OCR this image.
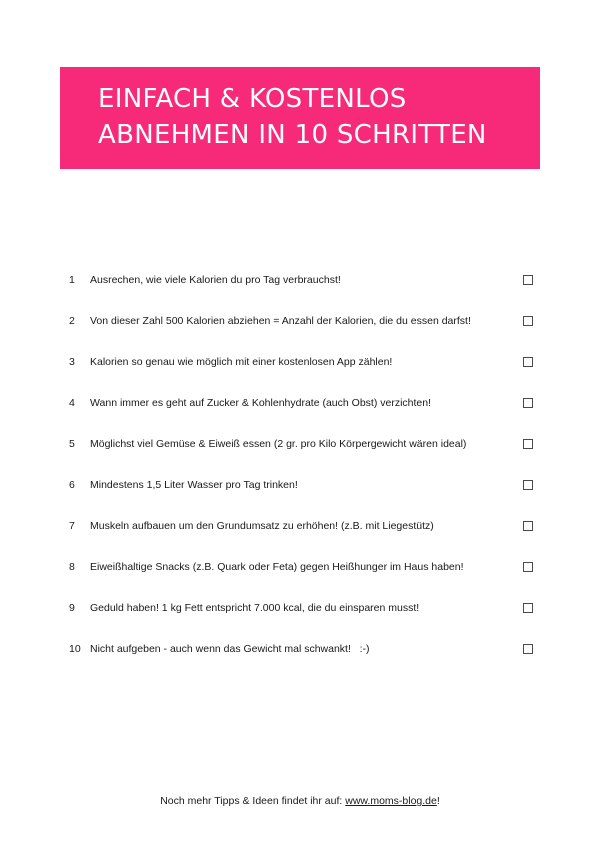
EINFACH & KOSTENLOS
ABNEHMEN IN 10 SCHRITTEN
1 Ausrechen, wie viele Kalorien du pro Tag verbrauchst!
2 Von dieser Zahl 500 Kalorien abziehen = Anzahl der Kalorien, die du essen darfst!
3 Kalorien so genau wie möglich mit einer kostenlosen App zählen!
4 Wann immer es geht auf Zucker & Kohlenhydrate (auch Obst) verzichten!
5 Möglichst viel Gemüse & Eiweiß essen (2 gr. pro Kilo Körpergewicht wären ideal)
6 Mindestens 1,5 Liter Wasser pro Tag trinken!
7 Muskeln aufbauen um den Grundumsatz zu erhöhen! (z.B. mit Liegestütz)
8 Eiweißhaltige Snacks (z.B. Quark oder Feta) gegen Heißhunger im Haus haben!
9 Geduld haben! 1 kg Fett entspricht 7.000 kcal, die du einsparen musst!
10 Nicht aufgeben - auch wenn das Gewicht mal schwankt!   :-)
Noch mehr Tipps & Ideen findet ihr auf: www.moms-blog.de!
